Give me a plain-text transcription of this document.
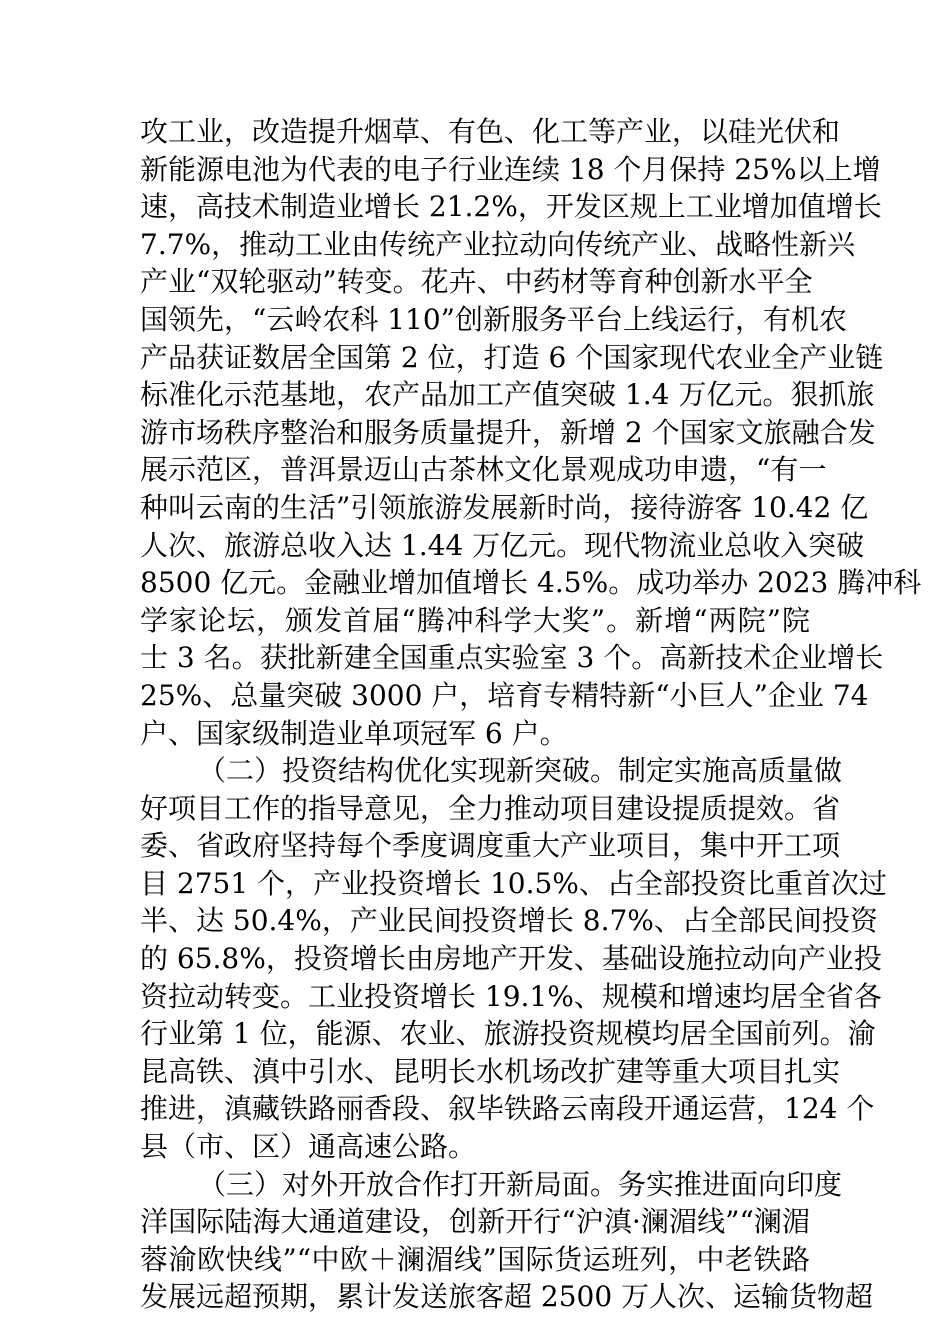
攻工业，改造提升烟草、有色、化工等产业，以硅光伏和
新能源电池为代表的电子行业连续 18 个月保持 25%以上增
速，高技术制造业增长 21.2%，开发区规上工业增加值增长
7.7%，推动工业由传统产业拉动向传统产业、战略性新兴
产业“双轮驱动”转变。花卉、中药材等育种创新水平全
国领先，“云岭农科 110”创新服务平台上线运行，有机农
产品获证数居全国第 2 位，打造 6 个国家现代农业全产业链
标准化示范基地，农产品加工产值突破 1.4 万亿元。狠抓旅
游市场秩序整治和服务质量提升，新增 2 个国家文旅融合发
展示范区，普洱景迈山古茶林文化景观成功申遗，“有一
种叫云南的生活”引领旅游发展新时尚，接待游客 10.42 亿
人次、旅游总收入达 1.44 万亿元。现代物流业总收入突破
8500 亿元。金融业增加值增长 4.5%。成功举办 2023 腾冲科
学家论坛，颁发首届“腾冲科学大奖”。新增“两院”院
士 3 名。获批新建全国重点实验室 3 个。高新技术企业增长
25%、总量突破 3000 户，培育专精特新“小巨人”企业 74
户、国家级制造业单项冠军 6 户。
（二）投资结构优化实现新突破。制定实施高质量做
好项目工作的指导意见，全力推动项目建设提质提效。省
委、省政府坚持每个季度调度重大产业项目，集中开工项
目 2751 个，产业投资增长 10.5%、占全部投资比重首次过
半、达 50.4%，产业民间投资增长 8.7%、占全部民间投资
的 65.8%，投资增长由房地产开发、基础设施拉动向产业投
资拉动转变。工业投资增长 19.1%、规模和增速均居全省各
行业第 1 位，能源、农业、旅游投资规模均居全国前列。渝
昆高铁、滇中引水、昆明长水机场改扩建等重大项目扎实
推进，滇藏铁路丽香段、叙毕铁路云南段开通运营，124 个
县（市、区）通高速公路。
（三）对外开放合作打开新局面。务实推进面向印度
洋国际陆海大通道建设，创新开行“沪滇·澜湄线”“澜湄
蓉渝欧快线”“中欧＋澜湄线”国际货运班列，中老铁路
发展远超预期，累计发送旅客超 2500 万人次、运输货物超
